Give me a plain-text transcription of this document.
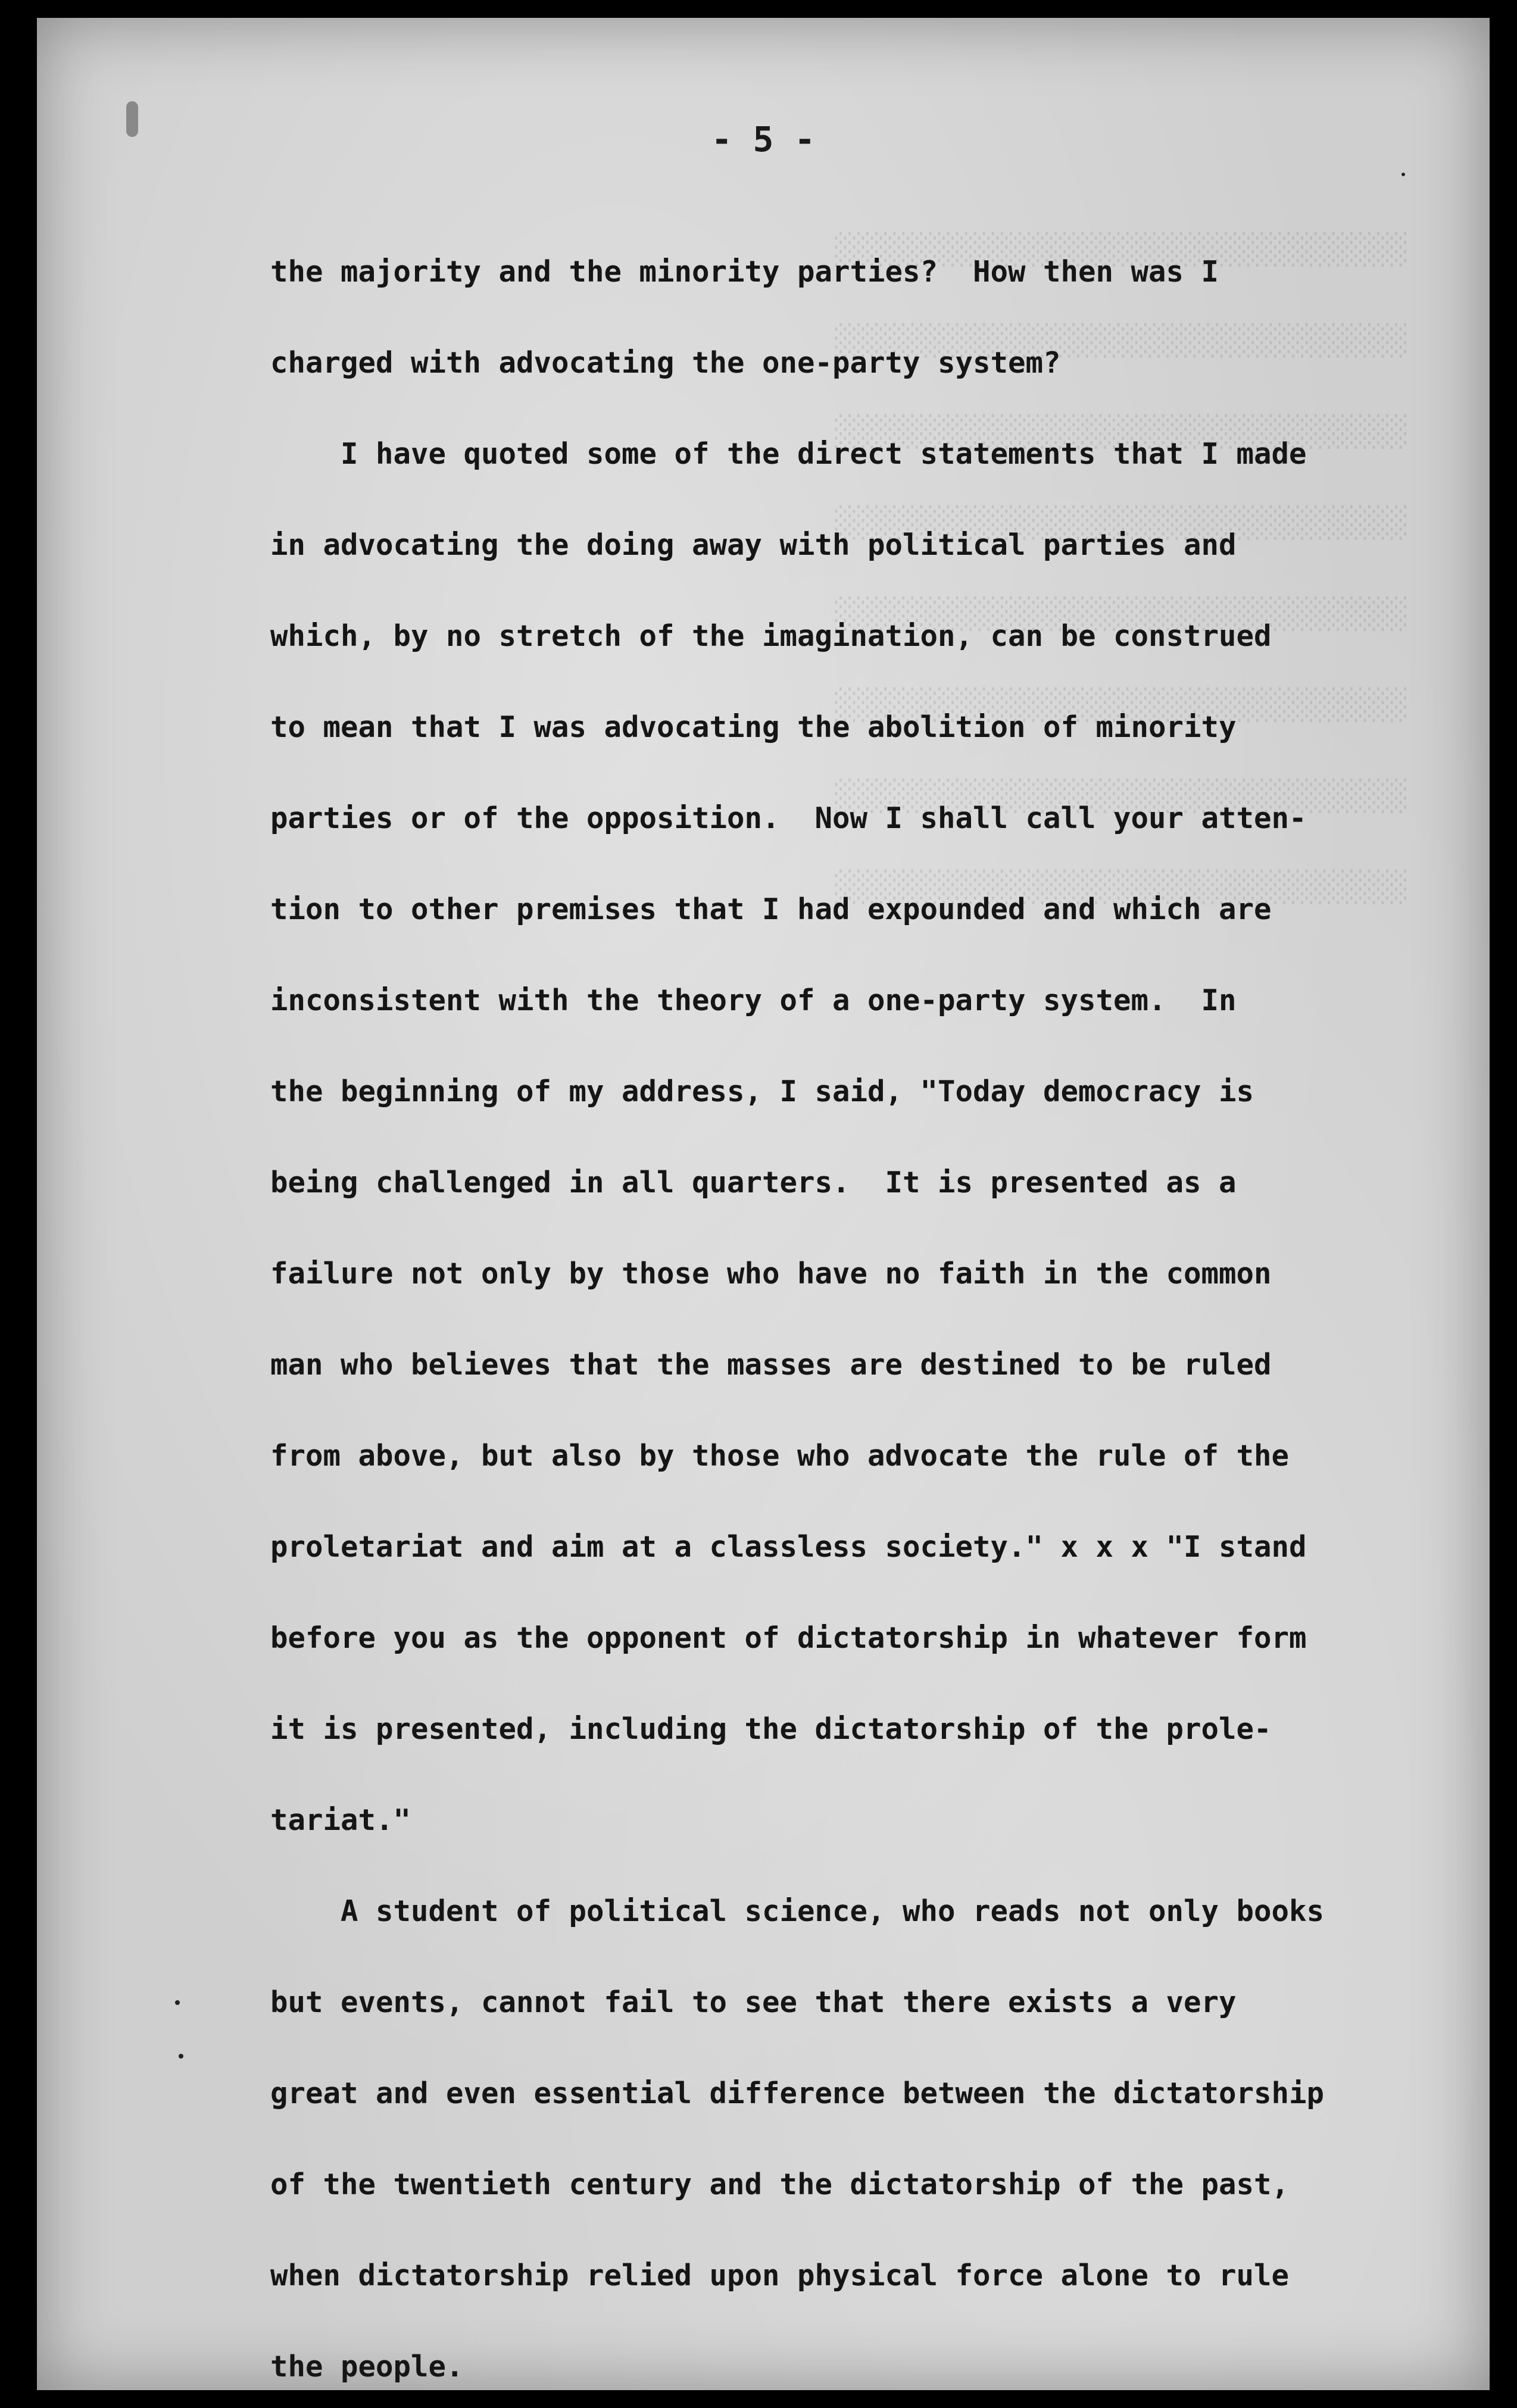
░░░░░░░░░░░░░░░░░░░░░░░░░░░░░░░░
░░░░░░░░░░░░░░░░░░░░░░░░░░░░░░░░
░░░░░░░░░░░░░░░░░░░░░░░░░░░░░░░░
░░░░░░░░░░░░░░░░░░░░░░░░░░░░░░░░
░░░░░░░░░░░░░░░░░░░░░░░░░░░░░░░░
░░░░░░░░░░░░░░░░░░░░░░░░░░░░░░░░
░░░░░░░░░░░░░░░░░░░░░░░░░░░░░░░░
░░░░░░░░░░░░░░░░░░░░░░░░░░░░░░░░

- 5 -

the majority and the minority parties?  How then was I
charged with advocating the one-party system?
I have quoted some of the direct statements that I made
in advocating the doing away with political parties and
which, by no stretch of the imagination, can be construed
to mean that I was advocating the abolition of minority
parties or of the opposition.  Now I shall call your atten-
tion to other premises that I had expounded and which are
inconsistent with the theory of a one-party system.  In
the beginning of my address, I said, "Today democracy is
being challenged in all quarters.  It is presented as a
failure not only by those who have no faith in the common
man who believes that the masses are destined to be ruled
from above, but also by those who advocate the rule of the
proletariat and aim at a classless society." x x x "I stand
before you as the opponent of dictatorship in whatever form
it is presented, including the dictatorship of the prole-
tariat."
A student of political science, who reads not only books
but events, cannot fail to see that there exists a very
great and even essential difference between the dictatorship
of the twentieth century and the dictatorship of the past,
when dictatorship relied upon physical force alone to rule
the people.
